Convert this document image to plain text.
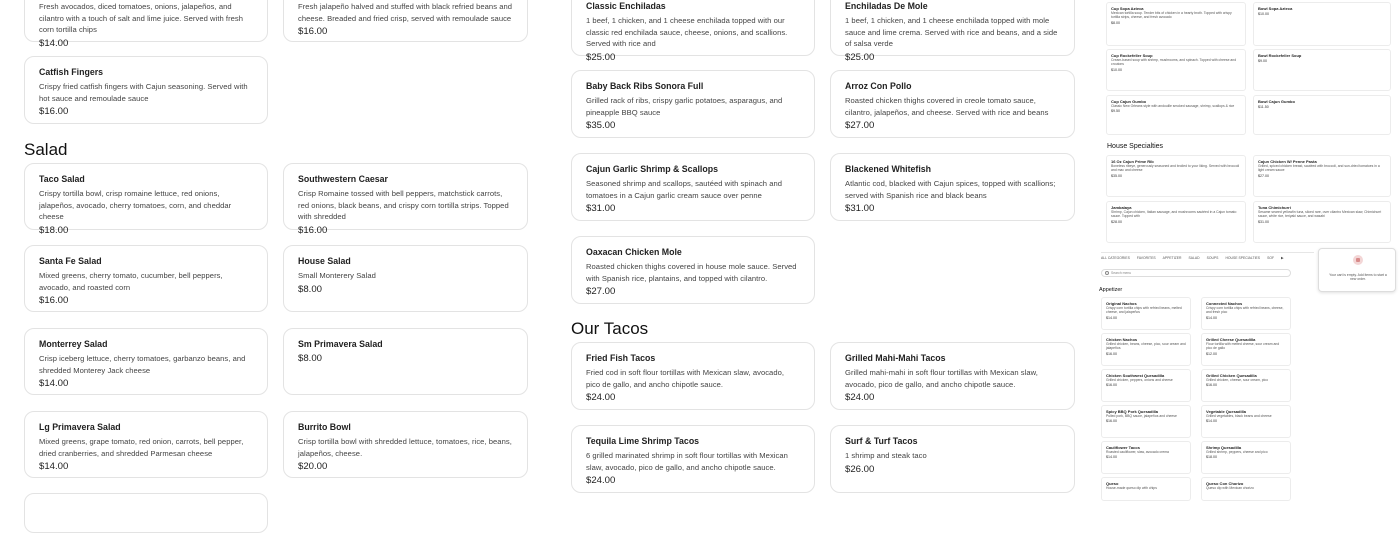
Fresh avocados, diced tomatoes, onions, jalapeños, and cilantro with a touch of salt and lime juice. Served with fresh corn tortilla chips
$14.00
Fresh jalapeño halved and stuffed with black refried beans and cheese. Breaded and fried crisp, served with remoulade sauce
$16.00
Catfish Fingers
Crispy fried catfish fingers with Cajun seasoning. Served with hot sauce and remoulade sauce
$16.00
Salad
Taco Salad
Crispy tortilla bowl, crisp romaine lettuce, red onions, jalapeños, avocado, cherry tomatoes, corn, and cheddar cheese
$18.00
Southwestern Caesar
Crisp Romaine tossed with bell peppers, matchstick carrots, red onions, black beans, and crispy corn tortilla strips. Topped with shredded
$16.00
Santa Fe Salad
Mixed greens, cherry tomato, cucumber, bell peppers, avocado, and roasted corn
$16.00
House Salad
Small Monterery Salad
$8.00
Monterrey Salad
Crisp iceberg lettuce, cherry tomatoes, garbanzo beans, and shredded Monterey Jack cheese
$14.00
Sm Primavera Salad
$8.00
Lg Primavera Salad
Mixed greens, grape tomato, red onion, carrots, bell pepper, dried cranberries, and shredded Parmesan cheese
$14.00
Burrito Bowl
Crisp tortilla bowl with shredded lettuce, tomatoes, rice, beans, jalapeños, cheese.
$20.00
Classic Enchiladas
1 beef, 1 chicken, and 1 cheese enchilada topped with our classic red enchilada sauce, cheese, onions, and scallions. Served with rice and
$25.00
Enchiladas De Mole
1 beef, 1 chicken, and 1 cheese enchilada topped with mole sauce and lime crema. Served with rice and beans, and a side of salsa verde
$25.00
Baby Back Ribs Sonora Full
Grilled rack of ribs, crispy garlic potatoes, asparagus, and pineapple BBQ sauce
$35.00
Arroz Con Pollo
Roasted chicken thighs covered in creole tomato sauce, cilantro, jalapeños, and cheese. Served with rice and beans
$27.00
Cajun Garlic Shrimp & Scallops
Seasoned shrimp and scallops, sautéed with spinach and tomatoes in a Cajun garlic cream sauce over penne
$31.00
Blackened Whitefish
Atlantic cod, blacked with Cajun spices, topped with scallions; served with Spanish rice and black beans
$31.00
Oaxacan Chicken Mole
Roasted chicken thighs covered in house mole sauce. Served with Spanish rice, plantains, and topped with cilantro.
$27.00
Our Tacos
Fried Fish Tacos
Fried cod in soft flour tortillas with Mexican slaw, avocado, pico de gallo, and ancho chipotle sauce.
$24.00
Grilled Mahi-Mahi Tacos
Grilled mahi-mahi in soft flour tortillas with Mexican slaw, avocado, pico de gallo, and ancho chipotle sauce.
$24.00
Tequila Lime Shrimp Tacos
6 grilled marinated shrimp in soft flour tortillas with Mexican slaw, avocado, pico de gallo, and ancho chipotle sauce.
$24.00
Surf & Turf Tacos
1 shrimp and steak taco
$26.00
Cup Sopa Azteca
Mexican tortilla soup. Tender bits of chicken in a hearty broth. Topped with crispy tortilla strips, cheese, and fresh avocado
$8.00
Bowl Sopa Azteca
$10.00
Cup Rockefeller Soup
Cream-based soup with shrimp, mushrooms, and spinach. Topped with cheese and croutons
$10.00
Bowl Rockefeller Soup
$9.00
Cup Cajun Gumbo
Classic New Orleans style with andouille smoked sausage, shrimp, scallops & rice
$9.50
Bowl Cajun Gumbo
$11.50
House Specialties
16 Oz Cajun Prime Rib
Boneless ribeye, generously seasoned and broiled to your liking. Served with broccoli and mac and cheese
$35.00
Cajun Chicken W/ Penne Pasta
Grilled, spiced chicken breast, sautéed with broccoli, and sun-dried tomatoes in a light cream sauce
$27.00
Jambalaya
Shrimp, Cajun chicken, Italian sausage, and mushrooms sautéed in a Cajun tomato sauce. Topped with
$28.00
Tuna Chimichurri
Sesame seared yellowfin tuna, sliced rare, over cilantro Mexican slaw, Chimichurri sauce, white rice, teriyaki sauce, and wasabi
$31.00
ALL CATEGORIES FAVORITES APPETIZER SALAD SOUPS HOUSE SPECIALTIES SOF ▶
Search menu	Your cart is empty. Add items to start a new order.
Appetizer
Original Nachos
Crispy corn tortilla chips with refried beans, melted cheese, and jalapeños
$14.00
Connected Nachos
Crispy corn tortilla chips with refried beans, cheese, and fresh pico
$14.00
Chicken Nachos
Grilled chicken, beans, cheese, pico, sour cream and jalapeños
$16.00
Grilled Cheese Quesadilla
Flour tortilla with melted cheese, sour cream and pico de gallo
$12.00
Chicken Southwest Quesadilla
Grilled chicken, peppers, onions and cheese
$16.00
Grilled Chicken Quesadilla
Grilled chicken, cheese, sour cream, pico
$16.00
Spicy BBQ Pork Quesadilla
Pulled pork, BBQ sauce, jalapeños and cheese
$16.00
Vegetable Quesadilla
Grilled vegetables, black beans and cheese
$14.00
Cauliflower Tacos
Roasted cauliflower, slaw, avocado crema
$14.00
Shrimp Quesadilla
Grilled shrimp, peppers, cheese and pico
$18.00
Queso
House-made queso dip with chips
Queso Con Chorizo
Queso dip with Mexican chorizo
